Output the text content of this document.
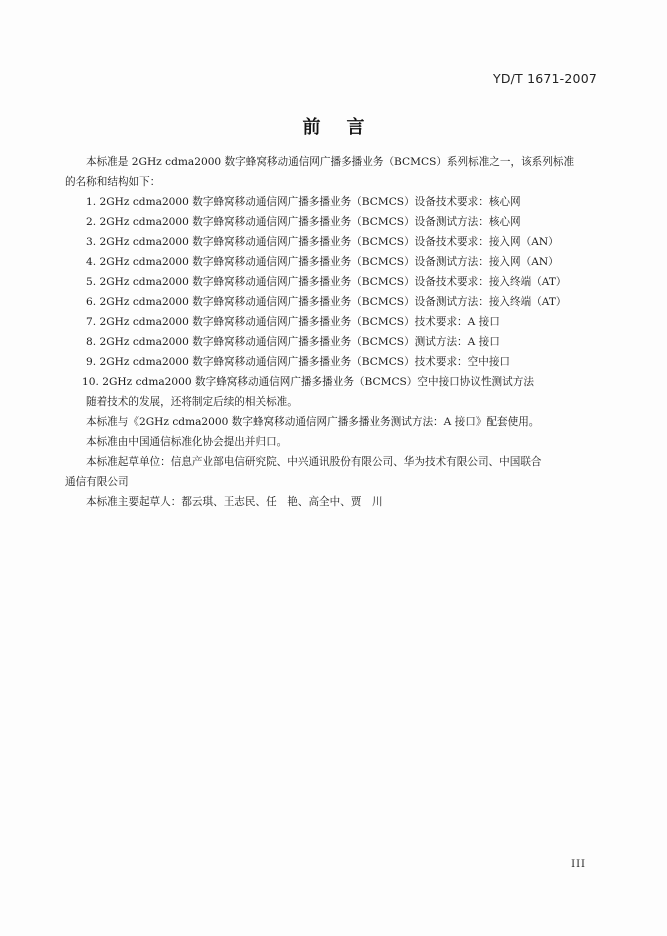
YD/T 1671-2007
前言

本标准是 2GHz cdma2000 数字蜂窝移动通信网广播多播业务（BCMCS）系列标准之一，该系列标准

的名称和结构如下：

1. 2GHz cdma2000 数字蜂窝移动通信网广播多播业务（BCMCS）设备技术要求：核心网
2. 2GHz cdma2000 数字蜂窝移动通信网广播多播业务（BCMCS）设备测试方法：核心网
3. 2GHz cdma2000 数字蜂窝移动通信网广播多播业务（BCMCS）设备技术要求：接入网（AN）
4. 2GHz cdma2000 数字蜂窝移动通信网广播多播业务（BCMCS）设备测试方法：接入网（AN）
5. 2GHz cdma2000 数字蜂窝移动通信网广播多播业务（BCMCS）设备技术要求：接入终端（AT）
6. 2GHz cdma2000 数字蜂窝移动通信网广播多播业务（BCMCS）设备测试方法：接入终端（AT）
7. 2GHz cdma2000 数字蜂窝移动通信网广播多播业务（BCMCS）技术要求：A 接口
8. 2GHz cdma2000 数字蜂窝移动通信网广播多播业务（BCMCS）测试方法：A 接口
9. 2GHz cdma2000 数字蜂窝移动通信网广播多播业务（BCMCS）技术要求：空中接口
10. 2GHz cdma2000 数字蜂窝移动通信网广播多播业务（BCMCS）空中接口协议性测试方法

随着技术的发展，还将制定后续的相关标准。

本标准与《2GHz cdma2000 数字蜂窝移动通信网广播多播业务测试方法：A 接口》配套使用。

本标准由中国通信标准化协会提出并归口。

本标准起草单位：信息产业部电信研究院、中兴通讯股份有限公司、华为技术有限公司、中国联合

通信有限公司

本标准主要起草人：都云琪、王志民、任　艳、高全中、贾　川

III
